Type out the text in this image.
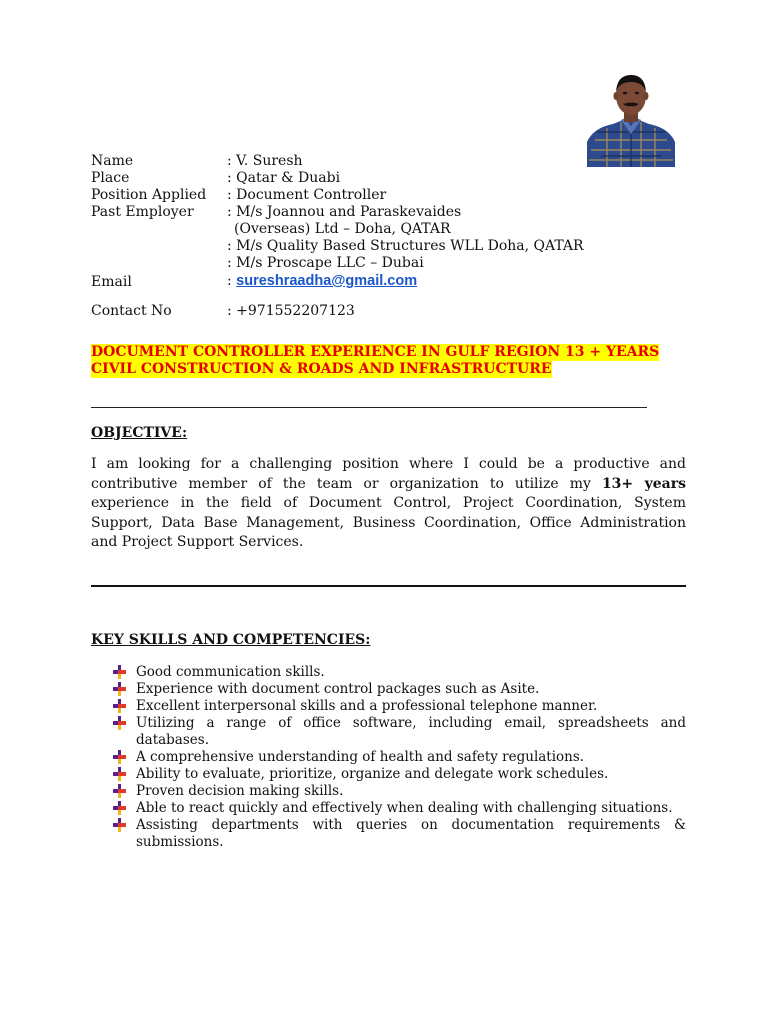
Name	: V. Suresh
Place	: Qatar & Duabi
Position Applied : Document Controller
Past Employer : M/s Joannou and Paraskevaides
(Overseas) Ltd – Doha, QATAR
: M/s Quality Based Structures WLL Doha, QATAR
: M/s Proscape LLC – Dubai
Email	: sureshraadha@gmail.com
Contact No	: +971552207123
DOCUMENT CONTROLLER EXPERIENCE IN GULF REGION 13 + YEARS
CIVIL CONSTRUCTION & ROADS AND INFRASTRUCTURE
OBJECTIVE:
I am looking for a challenging position where I could be a productive and contributive member of the team or organization to utilize my 13+ years experience in the field of Document Control, Project Coordination, System Support, Data Base Management, Business Coordination, Office Administration and Project Support Services.
KEY SKILLS AND COMPETENCIES:

Good communication skills.

Experience with document control packages such as Asite.

Excellent interpersonal skills and a professional telephone manner.

Utilizing a range of office software, including email, spreadsheets and databases.

A comprehensive understanding of health and safety regulations.

Ability to evaluate, prioritize, organize and delegate work schedules.

Proven decision making skills.

Able to react quickly and effectively when dealing with challenging situations.

Assisting departments with queries on documentation requirements & submissions.
